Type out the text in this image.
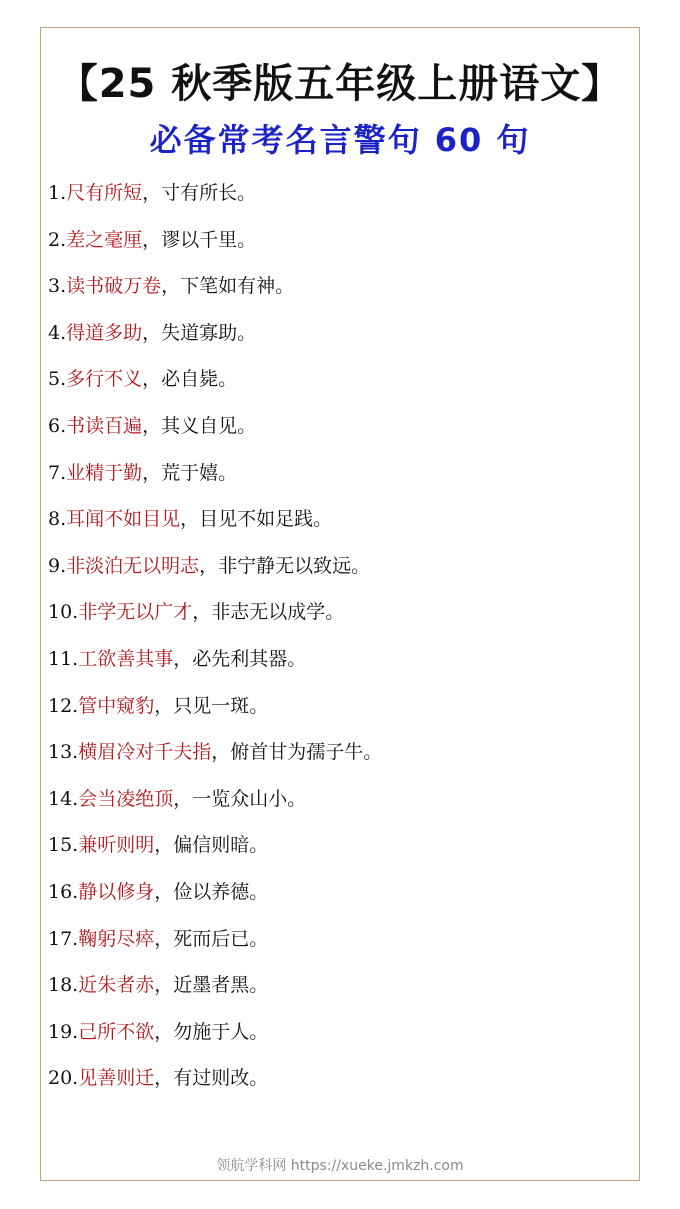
【25 秋季版五年级上册语文】
必备常考名言警句 60 句
1.尺有所短，寸有所长。
2.差之毫厘，谬以千里。
3.读书破万卷，下笔如有神。
4.得道多助，失道寡助。
5.多行不义，必自毙。
6.书读百遍，其义自见。
7.业精于勤，荒于嬉。
8.耳闻不如目见，目见不如足践。
9.非淡泊无以明志，非宁静无以致远。
10.非学无以广才，非志无以成学。
11.工欲善其事，必先利其器。
12.管中窥豹，只见一斑。
13.横眉冷对千夫指，俯首甘为孺子牛。
14.会当凌绝顶，一览众山小。
15.兼听则明，偏信则暗。
16.静以修身，俭以养德。
17.鞠躬尽瘁，死而后已。
18.近朱者赤，近墨者黑。
19.己所不欲，勿施于人。
20.见善则迁，有过则改。
领航学科网 https://xueke.jmkzh.com
